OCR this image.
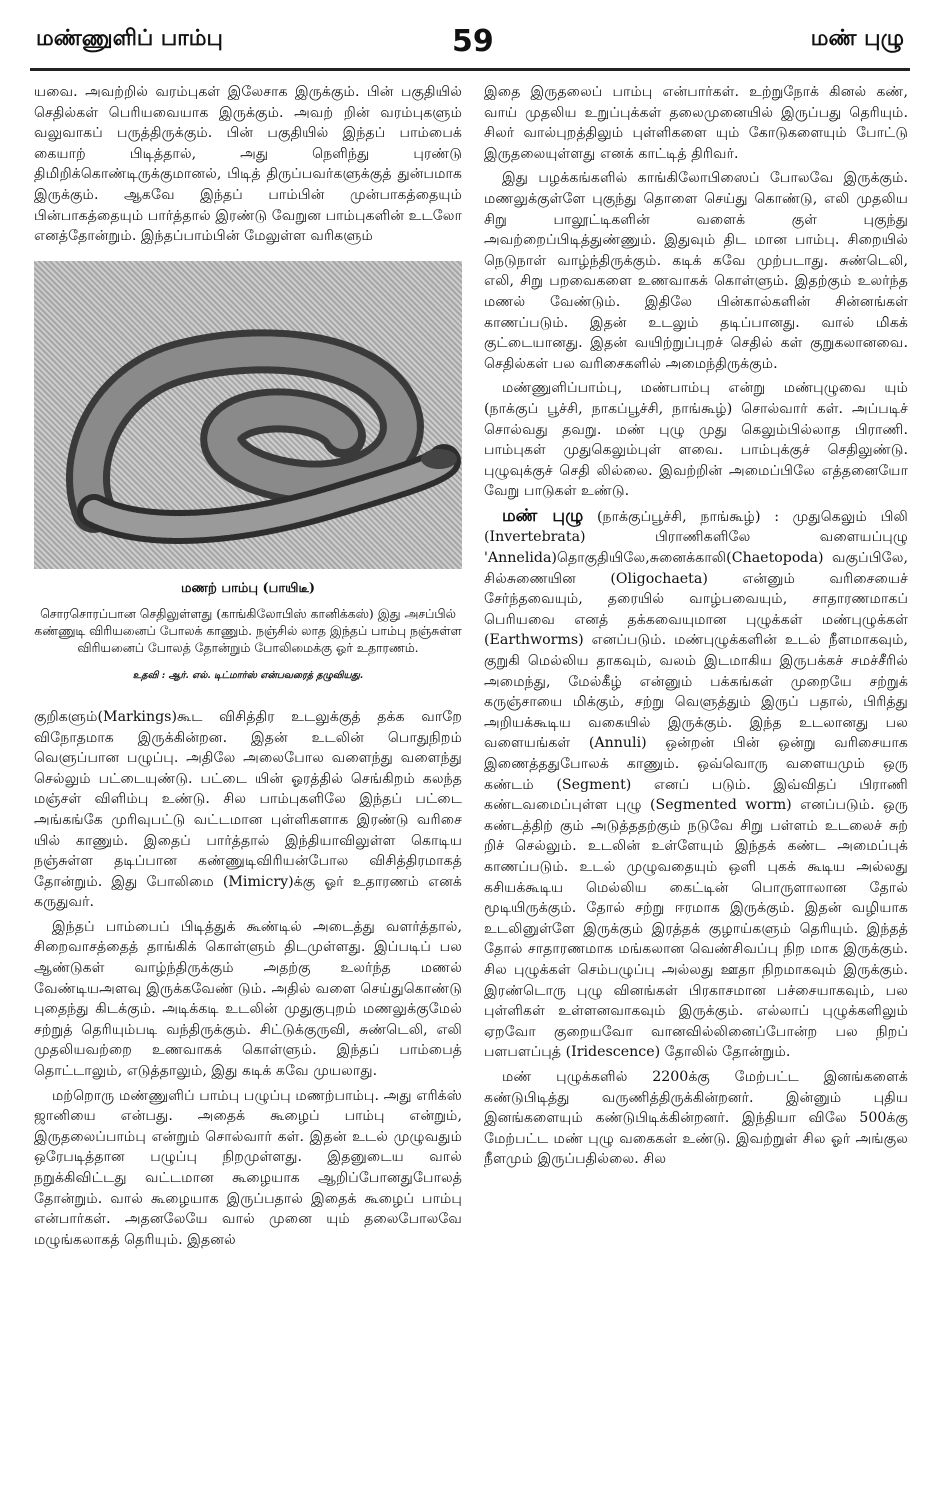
மண்ணுளிப் பாம்பு	59	மண் புழு

யவை. அவற்றில் வரம்புகள் இலேசாக இருக்கும். பின் பகுதியில் செதில்கள் பெரியவையாக இருக்கும். அவற் றின் வரம்புகளும் வலுவாகப் பருத்திருக்கும். பின் பகுதியில் இந்தப் பாம்பைக் கையாற் பிடித்தால், அது நெளிந்து புரண்டு திமிறிக்கொண்டிருக்குமானல், பிடித் திருப்பவர்களுக்குத் துன்பமாக இருக்கும். ஆகவே இந்தப் பாம்பின் முன்பாகத்தையும் பின்பாகத்தையும் பார்த்தால் இரண்டு வேறுன பாம்புகளின் உடலோ எனத்தோன்றும். இந்தப்பாம்பின் மேலுள்ள வரிகளும்

மணற் பாம்பு (பாயிடீ)
சொரசொரப்பான செதிலுள்ளது (காங்கிலோபிஸ் கானிக்கஸ்) இது அசப்பில் கண்ணுடி விரியனைப் போலக் காணும். நஞ்சில் லாத இந்தப் பாம்பு நஞ்சுள்ள விரியனைப் போலத் தோன்றும் போலிமைக்கு ஓர் உதாரணம்.
உதவி : ஆர். எல். டிட்மார்ஸ் என்பவரைத் தழுவியது.

குறிகளும்(Markings)கூட விசித்திர உடலுக்குத் தக்க வாறே விநோதமாக இருக்கின்றன. இதன் உடலின் பொதுநிறம் வெளுப்பான பழுப்பு. அதிலே அலைபோல வளைந்து வளைந்து செல்லும் பட்டையுண்டு. பட்டை யின் ஓரத்தில் செங்கிறம் கலந்த மஞ்சள் விளிம்பு உண்டு. சில பாம்புகளிலே இந்தப் பட்டை அங்கங்கே முரிவுபட்டு வட்டமான புள்ளிகளாக இரண்டு வரிசை யில் காணும். இதைப் பார்த்தால் இந்தியாவிலுள்ள கொடிய நஞ்சுள்ள தடிப்பான கண்ணுடிவிரியன்போல விசித்திரமாகத் தோன்றும். இது போலிமை (Mimicry)க்கு ஓர் உதாரணம் எனக் கருதுவர்.

இந்தப் பாம்பைப் பிடித்துக் கூண்டில் அடைத்து வளர்த்தால், சிறைவாசத்தைத் தாங்கிக் கொள்ளும் திடமுள்ளது. இப்படிப் பல ஆண்டுகள் வாழ்ந்திருக்கும் அதற்கு உலர்ந்த மணல் வேண்டியஅளவு இருக்கவேண் டும். அதில் வளை செய்துகொண்டு புதைந்து கிடக்கும். அடிக்கடி உடலின் முதுகுபுறம் மணலுக்குமேல் சற்றுத் தெரியும்படி வந்திருக்கும். சிட்டுக்குருவி, சுண்டெலி, எலி முதலியவற்றை உணவாகக் கொள்ளும். இந்தப் பாம்பைத் தொட்டாலும், எடுத்தாலும், இது கடிக் கவே முயலாது.

மற்றொரு மண்ணுளிப் பாம்பு பழுப்பு மணற்பாம்பு. அது எரிக்ஸ் ஜானியை என்பது. அதைக் கூழைப் பாம்பு என்றும், இருதலைப்பாம்பு என்றும் சொல்வார் கள். இதன் உடல் முழுவதும் ஒரேபடித்தான பழுப்பு நிறமுள்ளது. இதனுடைய வால் நறுக்கிவிட்டது வட்டமான கூழையாக ஆறிப்போனதுபோலத் தோன்றும். வால் கூழையாக இருப்பதால் இதைக் கூழைப் பாம்பு என்பார்கள். அதனலேயே வால் முனை யும் தலைபோலவே மழுங்கலாகத் தெரியும். இதனல்

இதை இருதலைப் பாம்பு என்பார்கள். உற்றுநோக் கினல் கண், வாய் முதலிய உறுப்புக்கள் தலைமுனையில் இருப்பது தெரியும். சிலர் வால்புறத்திலும் புள்ளிகளை யும் கோடுகளையும் போட்டு இருதலையுள்ளது எனக் காட்டித் திரிவர்.

இது பழக்கங்களில் காங்கிலோபிஸைப் போலவே இருக்கும். மணலுக்குள்ளே புகுந்து தொளை செய்து கொண்டு, எலி முதலிய சிறு பாலூட்டிகளின் வளைக் குள் புகுந்து அவற்றைப்பிடித்துண்ணும். இதுவும் திட மான பாம்பு. சிறையில் நெடுநாள் வாழ்ந்திருக்கும். கடிக் கவே முற்படாது. சுண்டெலி, எலி, சிறு பறவைகளை உணவாகக் கொள்ளும். இதற்கும் உலர்ந்த மணல் வேண்டும். இதிலே பின்கால்களின் சின்னங்கள் காணப்படும். இதன் உடலும் தடிப்பானது. வால் மிகக் குட்டையானது. இதன் வயிற்றுப்புறச் செதில் கள் குறுகலானவை. செதில்கள் பல வரிசைகளில் அமைந்திருக்கும்.

மண்ணுளிப்பாம்பு, மண்பாம்பு என்று மண்புழுவை யும் (நாக்குப் பூச்சி, நாகப்பூச்சி, நாங்கூழ்) சொல்வார் கள். அப்படிச் சொல்வது தவறு. மண் புழு முது கெலும்பில்லாத பிராணி. பாம்புகள் முதுகெலும்புள் ளவை. பாம்புக்குச் செதிலுண்டு. புழுவுக்குச் செதி லில்லை. இவற்றின் அமைப்பிலே எத்தனையோ வேறு பாடுகள் உண்டு.

மண் புழு (நாக்குப்பூச்சி, நாங்கூழ்) : முதுகெலும் பிலி (Invertebrata) பிராணிகளிலே வளையப்புழு 'Annelida)தொகுதியிலே,சுனைக்காலி(Chaetopoda) வகுப்பிலே, சில்சுணையின (Oligochaeta) என்னும் வரிசையைச் சேர்ந்தவையும், தரையில் வாழ்பவையும், சாதாரணமாகப் பெரியவை எனத் தக்கவையுமான புழுக்கள் மண்புழுக்கள் (Earthworms) எனப்படும். மண்புழுக்களின் உடல் நீளமாகவும், குறுகி மெல்லிய தாகவும், வலம் இடமாகிய இருபக்கச் சமச்சீரில் அமைந்து, மேல்கீழ் என்னும் பக்கங்கள் முறையே சற்றுக் கருஞ்சாயை மிக்கும், சற்று வெளுத்தும் இருப் பதால், பிரித்து அறியக்கூடிய வகையில் இருக்கும். இந்த உடலானது பல வளையங்கள் (Annuli) ஒன்றன் பின் ஒன்று வரிசையாக இணைத்ததுபோலக் காணும். ஒவ்வொரு வளையமும் ஒரு கண்டம் (Segment) எனப் படும். இவ்விதப் பிராணி கண்டவமைப்புள்ள புழு (Segmented worm) எனப்படும். ஒரு கண்டத்திற் கும் அடுத்ததற்கும் நடுவே சிறு பள்ளம் உடலைச் சுற் றிச் செல்லும். உடலின் உள்ளேயும் இந்தக் கண்ட அமைப்புக் காணப்படும். உடல் முழுவதையும் ஒளி புகக் கூடிய அல்லது கசியக்கூடிய மெல்லிய கைட்டின் பொருளாலான தோல் மூடியிருக்கும். தோல் சற்று ஈரமாக இருக்கும். இதன் வழியாக உடலினுள்ளே இருக்கும் இரத்தக் குழாய்களும் தெரியும். இந்தத் தோல் சாதாரணமாக மங்கலான வெண்சிவப்பு நிற மாக இருக்கும். சில புழுக்கள் செம்பழுப்பு அல்லது ஊதா நிறமாகவும் இருக்கும். இரண்டொரு புழு வினங்கள் பிரகாசமான பச்சையாகவும், பல புள்ளிகள் உள்ளனவாகவும் இருக்கும். எல்லாப் புழுக்களிலும் ஏறவோ குறையவோ வானவில்லினைப்போன்ற பல நிறப் பளபளப்புத் (Iridescence) தோலில் தோன்றும்.

மண் புழுக்களில் 2200க்கு மேற்பட்ட இனங்களைக் கண்டுபிடித்து வருணித்திருக்கின்றனர். இன்னும் புதிய இனங்களையும் கண்டுபிடிக்கின்றனர். இந்தியா விலே 500க்கு மேற்பட்ட மண் புழு வகைகள் உண்டு. இவற்றுள் சில ஓர் அங்குல நீளமும் இருப்பதில்லை. சில
